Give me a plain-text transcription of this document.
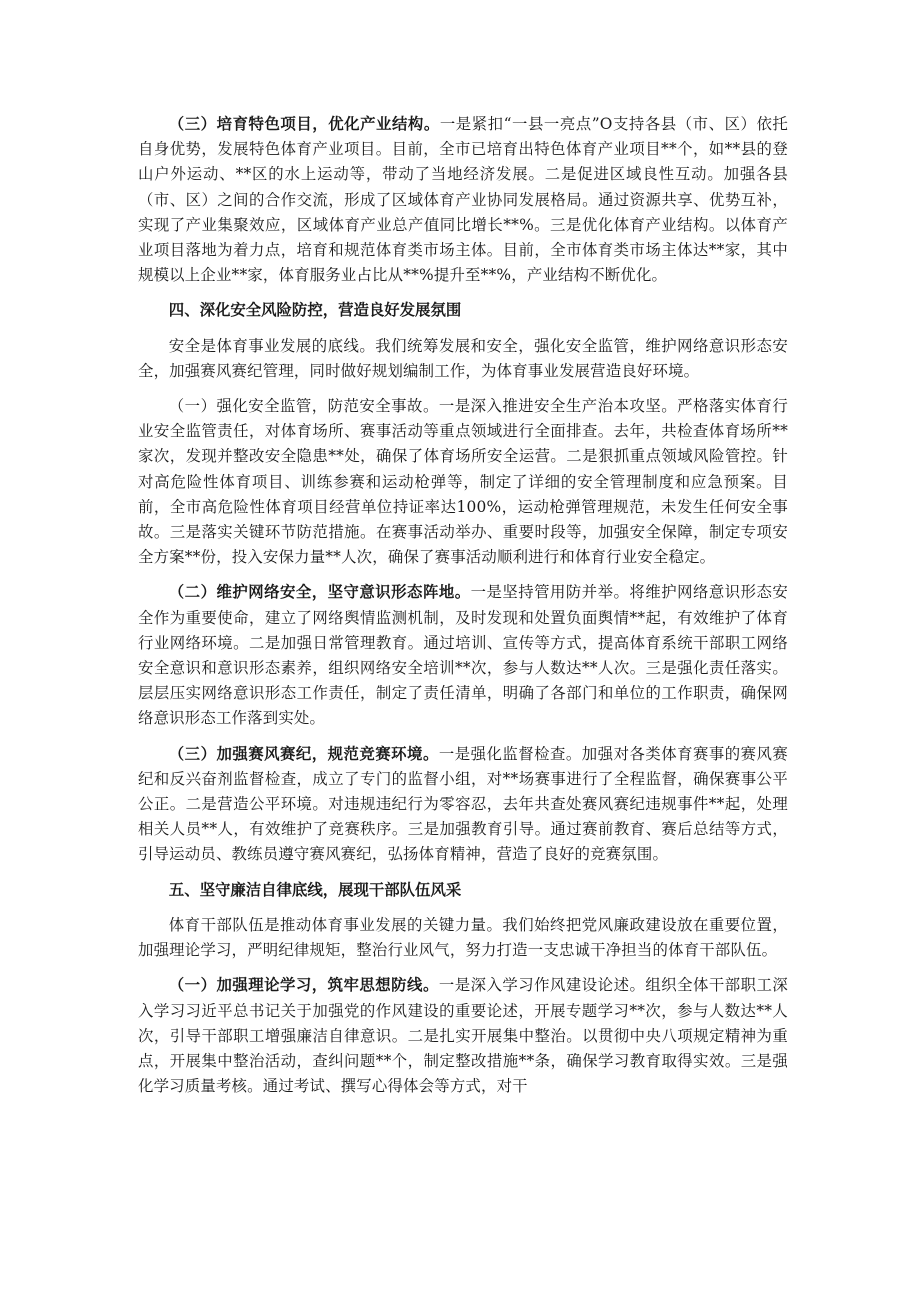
（三）培育特色项目，优化产业结构。一是紧扣“一县一亮点”O支持各县（市、区）依托自身优势，发展特色体育产业项目。目前，全市已培育出特色体育产业项目**个，如**县的登山户外运动、**区的水上运动等，带动了当地经济发展。二是促进区域良性互动。加强各县（市、区）之间的合作交流，形成了区域体育产业协同发展格局。通过资源共享、优势互补，实现了产业集聚效应，区域体育产业总产值同比增长**%。三是优化体育产业结构。以体育产业项目落地为着力点，培育和规范体育类市场主体。目前，全市体育类市场主体达**家，其中规模以上企业**家，体育服务业占比从**%提升至**%，产业结构不断优化。

四、深化安全风险防控，营造良好发展氛围

安全是体育事业发展的底线。我们统筹发展和安全，强化安全监管，维护网络意识形态安全，加强赛风赛纪管理，同时做好规划编制工作，为体育事业发展营造良好环境。

（一）强化安全监管，防范安全事故。一是深入推进安全生产治本攻坚。严格落实体育行业安全监管责任，对体育场所、赛事活动等重点领域进行全面排查。去年，共检查体育场所**家次，发现并整改安全隐患**处，确保了体育场所安全运营。二是狠抓重点领域风险管控。针对高危险性体育项目、训练参赛和运动枪弹等，制定了详细的安全管理制度和应急预案。目前，全市高危险性体育项目经营单位持证率达100%，运动枪弹管理规范，未发生任何安全事故。三是落实关键环节防范措施。在赛事活动举办、重要时段等，加强安全保障，制定专项安全方案**份，投入安保力量**人次，确保了赛事活动顺利进行和体育行业安全稳定。

（二）维护网络安全，坚守意识形态阵地。一是坚持管用防并举。将维护网络意识形态安全作为重要使命，建立了网络舆情监测机制，及时发现和处置负面舆情**起，有效维护了体育行业网络环境。二是加强日常管理教育。通过培训、宣传等方式，提高体育系统干部职工网络安全意识和意识形态素养，组织网络安全培训**次，参与人数达**人次。三是强化责任落实。层层压实网络意识形态工作责任，制定了责任清单，明确了各部门和单位的工作职责，确保网络意识形态工作落到实处。

（三）加强赛风赛纪，规范竞赛环境。一是强化监督检查。加强对各类体育赛事的赛风赛纪和反兴奋剂监督检查，成立了专门的监督小组，对**场赛事进行了全程监督，确保赛事公平公正。二是营造公平环境。对违规违纪行为零容忍，去年共查处赛风赛纪违规事件**起，处理相关人员**人，有效维护了竞赛秩序。三是加强教育引导。通过赛前教育、赛后总结等方式，引导运动员、教练员遵守赛风赛纪，弘扬体育精神，营造了良好的竞赛氛围。

五、坚守廉洁自律底线，展现干部队伍风采

体育干部队伍是推动体育事业发展的关键力量。我们始终把党风廉政建设放在重要位置，加强理论学习，严明纪律规矩，整治行业风气，努力打造一支忠诚干净担当的体育干部队伍。

（一）加强理论学习，筑牢思想防线。一是深入学习作风建设论述。组织全体干部职工深入学习习近平总书记关于加强党的作风建设的重要论述，开展专题学习**次，参与人数达**人次，引导干部职工增强廉洁自律意识。二是扎实开展集中整治。以贯彻中央八项规定精神为重点，开展集中整治活动，查纠问题**个，制定整改措施**条，确保学习教育取得实效。三是强化学习质量考核。通过考试、撰写心得体会等方式，对干
